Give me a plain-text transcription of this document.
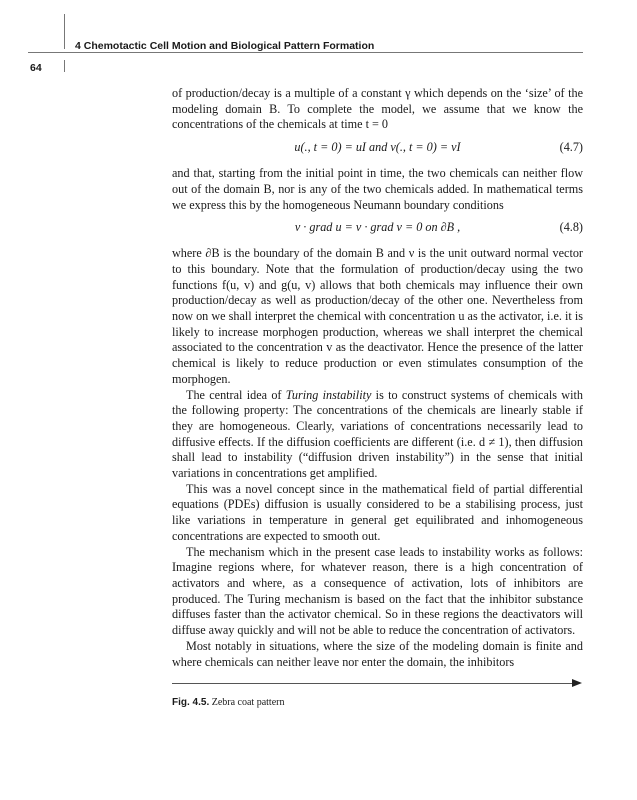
4 Chemotactic Cell Motion and Biological Pattern Formation
64

of production/decay is a multiple of a constant γ which depends on the ‘size’ of the modeling domain B. To complete the model, we assume that we know the concentrations of the chemicals at time t = 0

u(., t = 0) = uI and v(., t = 0) = vI	(4.7)

and that, starting from the initial point in time, the two chemicals can neither flow out of the domain B, nor is any of the two chemicals added. In mathematical terms we express this by the homogeneous Neumann boundary conditions

ν · grad u = ν · grad v = 0 on ∂B ,	(4.8)

where ∂B is the boundary of the domain B and ν is the unit outward normal vector to this boundary. Note that the formulation of production/decay using the two functions f(u, v) and g(u, v) allows that both chemicals may influence their own production/decay as well as production/decay of the other one. Nevertheless from now on we shall interpret the chemical with concentration u as the activator, i.e. it is likely to increase morphogen production, whereas we shall interpret the chemical associated to the concentration v as the deactivator. Hence the presence of the latter chemical is likely to reduce production or even stimulates consumption of the morphogen.

The central idea of Turing instability is to construct systems of chemicals with the following property: The concentrations of the chemicals are linearly stable if they are homogeneous. Clearly, variations of concentrations necessarily lead to diffusive effects. If the diffusion coefficients are different (i.e. d ≠ 1), then diffusion shall lead to instability (“diffusion driven instability”) in the sense that initial variations in concentrations get amplified.

This was a novel concept since in the mathematical field of partial differential equations (PDEs) diffusion is usually considered to be a stabilising process, just like variations in temperature in general get equilibrated and inhomogeneous concentrations are expected to smooth out.

The mechanism which in the present case leads to instability works as follows: Imagine regions where, for whatever reason, there is a high concentration of activators and where, as a consequence of activation, lots of inhibitors are produced. The Turing mechanism is based on the fact that the inhibitor substance diffuses faster than the activator chemical. So in these regions the deactivators will diffuse away quickly and will not be able to reduce the concentration of activators.

Most notably in situations, where the size of the modeling domain is finite and where chemicals can neither leave nor enter the domain, the inhibitors

Fig. 4.5. Zebra coat pattern
